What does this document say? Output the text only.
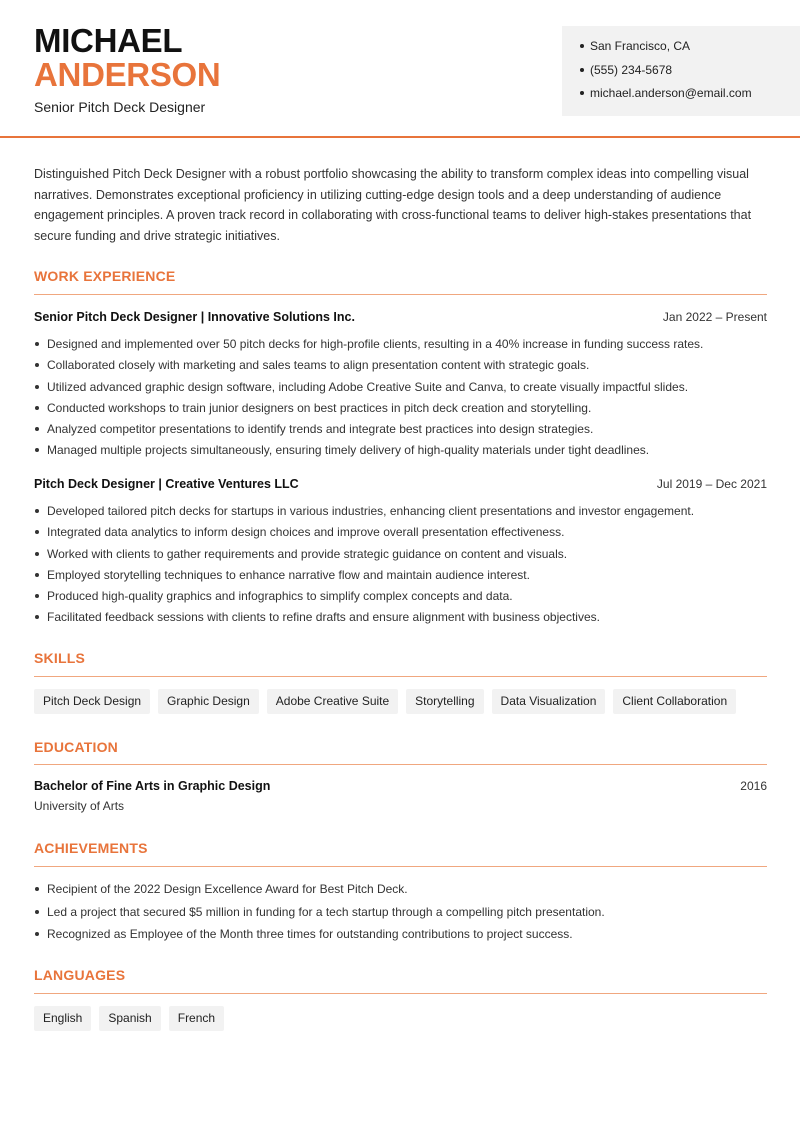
MICHAEL
ANDERSON
Senior Pitch Deck Designer
San Francisco, CA
(555) 234-5678
michael.anderson@email.com

Distinguished Pitch Deck Designer with a robust portfolio showcasing the ability to transform complex ideas into compelling visual narratives. Demonstrates exceptional proficiency in utilizing cutting-edge design tools and a deep understanding of audience engagement principles. A proven track record in collaborating with cross-functional teams to deliver high-stakes presentations that secure funding and drive strategic initiatives.

WORK EXPERIENCE
Senior Pitch Deck Designer | Innovative Solutions Inc.	Jan 2022 – Present
Designed and implemented over 50 pitch decks for high-profile clients, resulting in a 40% increase in funding success rates.
Collaborated closely with marketing and sales teams to align presentation content with strategic goals.
Utilized advanced graphic design software, including Adobe Creative Suite and Canva, to create visually impactful slides.
Conducted workshops to train junior designers on best practices in pitch deck creation and storytelling.
Analyzed competitor presentations to identify trends and integrate best practices into design strategies.
Managed multiple projects simultaneously, ensuring timely delivery of high-quality materials under tight deadlines.
Pitch Deck Designer | Creative Ventures LLC	Jul 2019 – Dec 2021
Developed tailored pitch decks for startups in various industries, enhancing client presentations and investor engagement.
Integrated data analytics to inform design choices and improve overall presentation effectiveness.
Worked with clients to gather requirements and provide strategic guidance on content and visuals.
Employed storytelling techniques to enhance narrative flow and maintain audience interest.
Produced high-quality graphics and infographics to simplify complex concepts and data.
Facilitated feedback sessions with clients to refine drafts and ensure alignment with business objectives.
SKILLS
Pitch Deck Design	Graphic Design	Adobe Creative Suite	Storytelling	Data Visualization	Client Collaboration
EDUCATION
Bachelor of Fine Arts in Graphic Design	2016
University of Arts
ACHIEVEMENTS
Recipient of the 2022 Design Excellence Award for Best Pitch Deck.
Led a project that secured $5 million in funding for a tech startup through a compelling pitch presentation.
Recognized as Employee of the Month three times for outstanding contributions to project success.
LANGUAGES
English	Spanish	French
